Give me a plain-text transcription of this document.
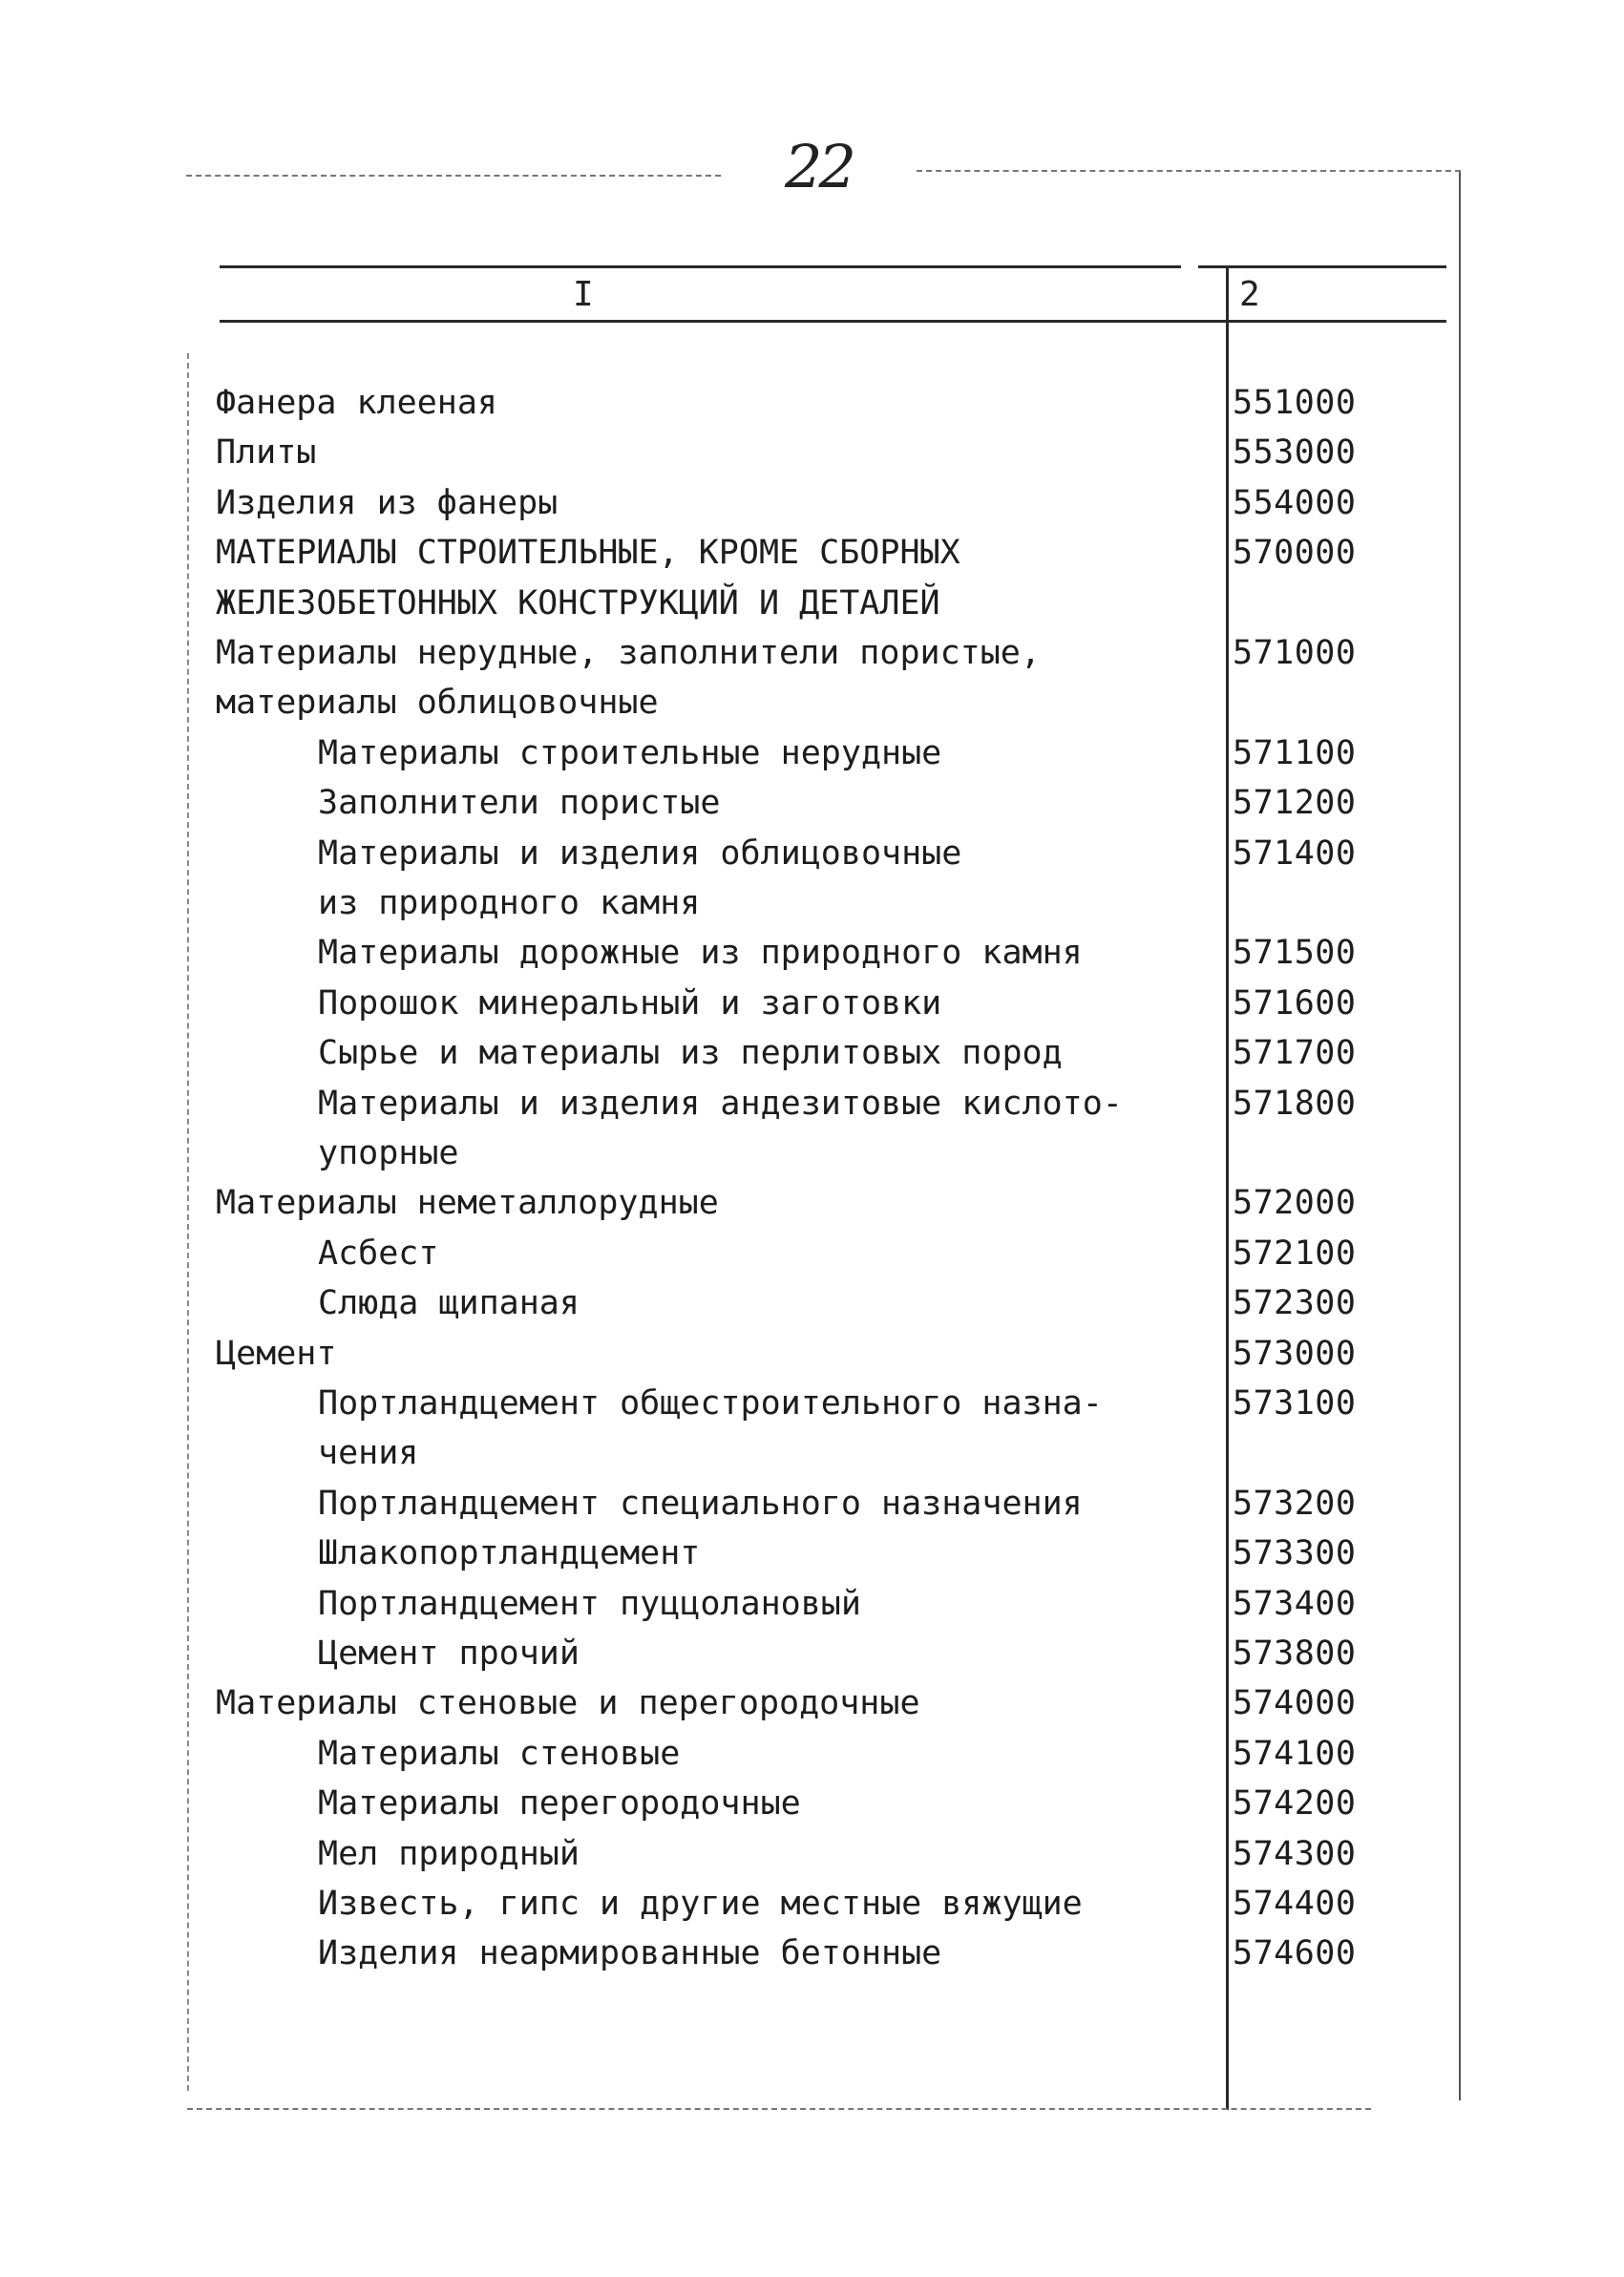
22
I	2
Фанера клееная	551000
Плиты	553000
Изделия из фанеры	554000
МАТЕРИАЛЫ СТРОИТЕЛЬНЫЕ, КРОМЕ СБОРНЫХ	570000
ЖЕЛЕЗОБЕТОННЫХ КОНСТРУКЦИЙ И ДЕТАЛЕЙ
Материалы нерудные, заполнители пористые,	571000
материалы облицовочные
Материалы строительные нерудные	571100
Заполнители пористые	571200
Материалы и изделия облицовочные	571400
из природного камня
Материалы дорожные из природного камня	571500
Порошок минеральный и заготовки	571600
Сырье и материалы из перлитовых пород	571700
Материалы и изделия андезитовые кислото-	571800
упорные
Материалы неметаллорудные	572000
Асбест	572100
Слюда щипаная	572300
Цемент	573000
Портландцемент общестроительного назна-	573100
чения
Портландцемент специального назначения	573200
Шлакопортландцемент	573300
Портландцемент пуццолановый	573400
Цемент прочий	573800
Материалы стеновые и перегородочные	574000
Материалы стеновые	574100
Материалы перегородочные	574200
Мел природный	574300
Известь, гипс и другие местные вяжущие	574400
Изделия неармированные бетонные	574600
